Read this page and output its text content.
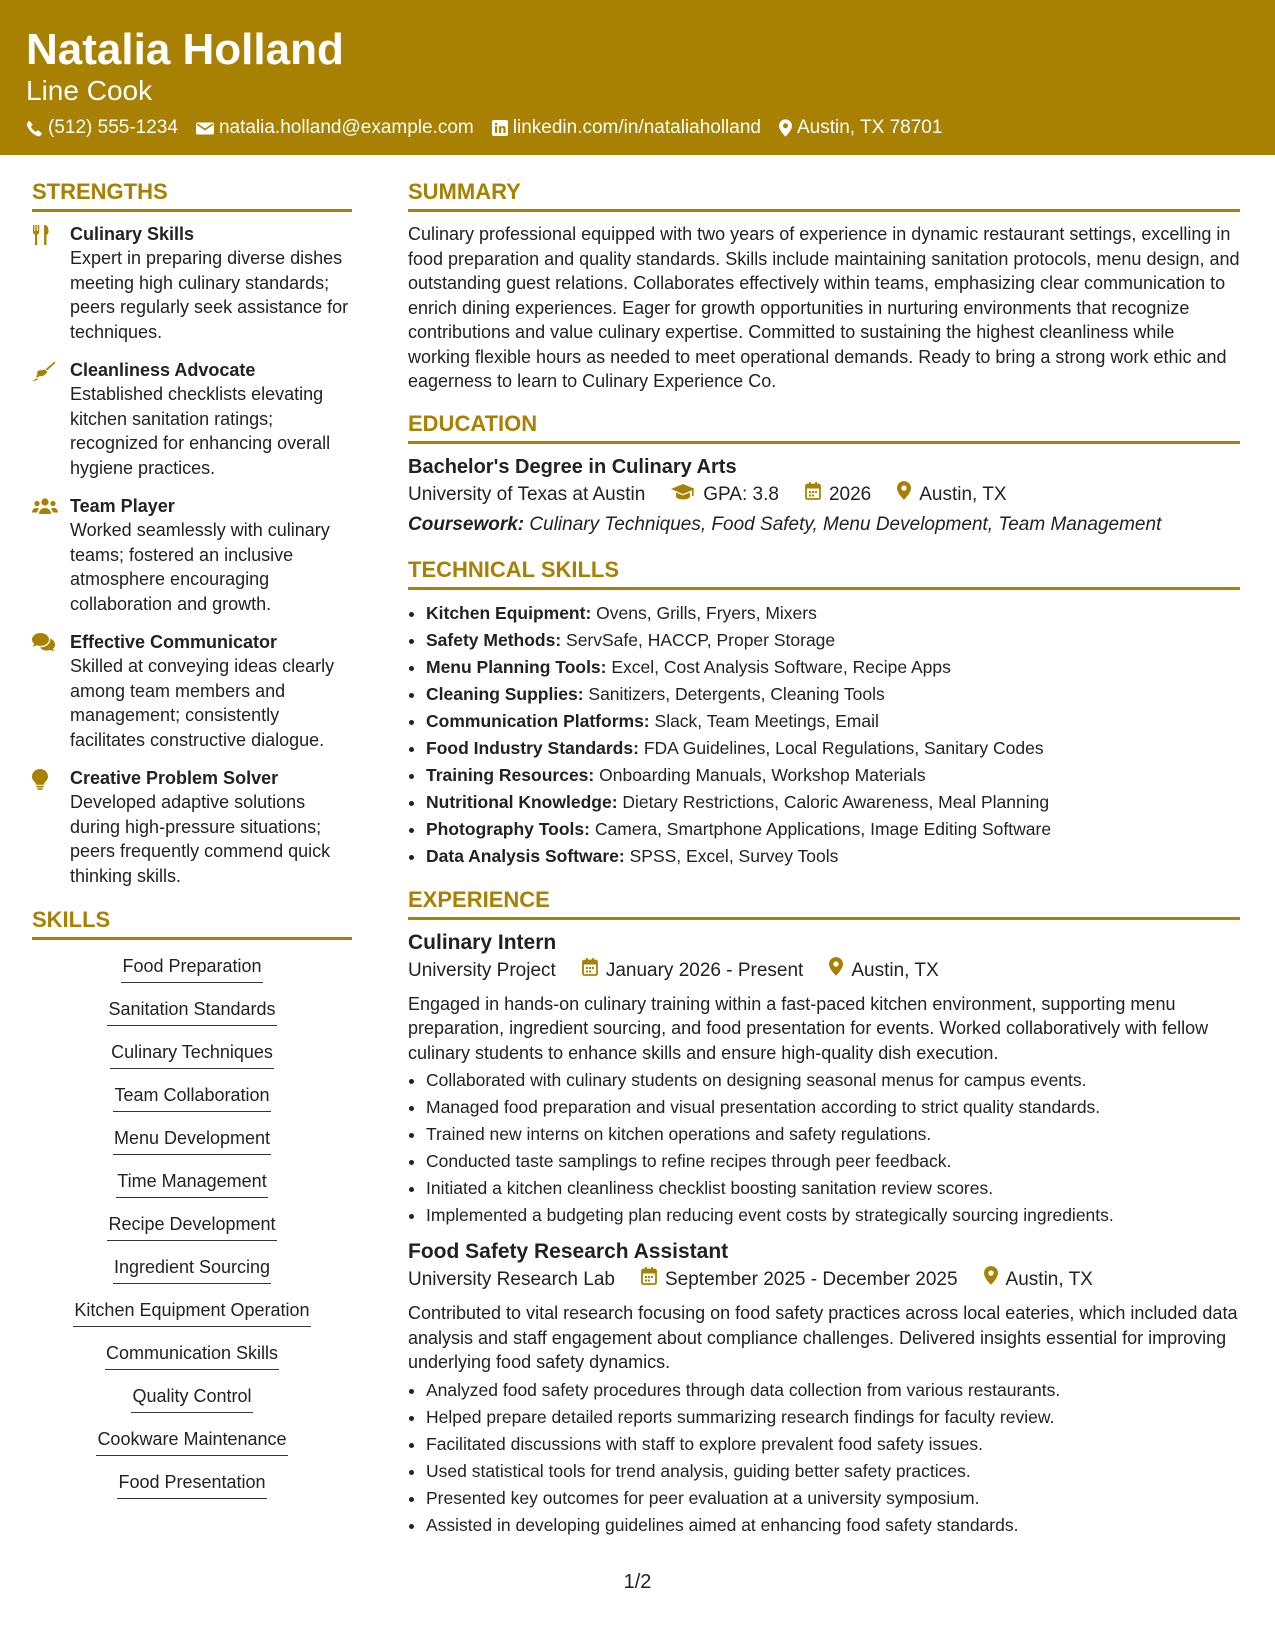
Natalia Holland
Line Cook
(512) 555-1234 natalia.holland@example.com linkedin.com/in/nataliaholland Austin, TX 78701
STRENGTHS
Culinary Skills
Expert in preparing diverse dishes meeting high culinary standards; peers regularly seek assistance for techniques.
Cleanliness Advocate
Established checklists elevating kitchen sanitation ratings; recognized for enhancing overall hygiene practices.
Team Player
Worked seamlessly with culinary teams; fostered an inclusive atmosphere encouraging collaboration and growth.
Effective Communicator
Skilled at conveying ideas clearly among team members and management; consistently facilitates constructive dialogue.
Creative Problem Solver
Developed adaptive solutions during high-pressure situations; peers frequently commend quick thinking skills.
SKILLS
Food Preparation
Sanitation Standards
Culinary Techniques
Team Collaboration
Menu Development
Time Management
Recipe Development
Ingredient Sourcing
Kitchen Equipment Operation
Communication Skills
Quality Control
Cookware Maintenance
Food Presentation
SUMMARY

Culinary professional equipped with two years of experience in dynamic restaurant settings, excelling in food preparation and quality standards. Skills include maintaining sanitation protocols, menu design, and outstanding guest relations. Collaborates effectively within teams, emphasizing clear communication to enrich dining experiences. Eager for growth opportunities in nurturing environments that recognize contributions and value culinary expertise. Committed to sustaining the highest cleanliness while working flexible hours as needed to meet operational demands. Ready to bring a strong work ethic and eagerness to learn to Culinary Experience Co.

EDUCATION
Bachelor's Degree in Culinary Arts
University of Texas at Austin	GPA: 3.8	2026	Austin, TX
Coursework: Culinary Techniques, Food Safety, Menu Development, Team Management
TECHNICAL SKILLS
• Kitchen Equipment: Ovens, Grills, Fryers, Mixers
• Safety Methods: ServSafe, HACCP, Proper Storage
• Menu Planning Tools: Excel, Cost Analysis Software, Recipe Apps
• Cleaning Supplies: Sanitizers, Detergents, Cleaning Tools
• Communication Platforms: Slack, Team Meetings, Email
• Food Industry Standards: FDA Guidelines, Local Regulations, Sanitary Codes
• Training Resources: Onboarding Manuals, Workshop Materials
• Nutritional Knowledge: Dietary Restrictions, Caloric Awareness, Meal Planning
• Photography Tools: Camera, Smartphone Applications, Image Editing Software
• Data Analysis Software: SPSS, Excel, Survey Tools
EXPERIENCE
Culinary Intern
University Project	January 2026 - Present	Austin, TX

Engaged in hands-on culinary training within a fast-paced kitchen environment, supporting menu preparation, ingredient sourcing, and food presentation for events. Worked collaboratively with fellow culinary students to enhance skills and ensure high-quality dish execution.

• Collaborated with culinary students on designing seasonal menus for campus events.
• Managed food preparation and visual presentation according to strict quality standards.
• Trained new interns on kitchen operations and safety regulations.
• Conducted taste samplings to refine recipes through peer feedback.
• Initiated a kitchen cleanliness checklist boosting sanitation review scores.
• Implemented a budgeting plan reducing event costs by strategically sourcing ingredients.
Food Safety Research Assistant
University Research Lab	September 2025 - December 2025	Austin, TX

Contributed to vital research focusing on food safety practices across local eateries, which included data analysis and staff engagement about compliance challenges. Delivered insights essential for improving underlying food safety dynamics.

• Analyzed food safety procedures through data collection from various restaurants.
• Helped prepare detailed reports summarizing research findings for faculty review.
• Facilitated discussions with staff to explore prevalent food safety issues.
• Used statistical tools for trend analysis, guiding better safety practices.
• Presented key outcomes for peer evaluation at a university symposium.
• Assisted in developing guidelines aimed at enhancing food safety standards.
1/2
